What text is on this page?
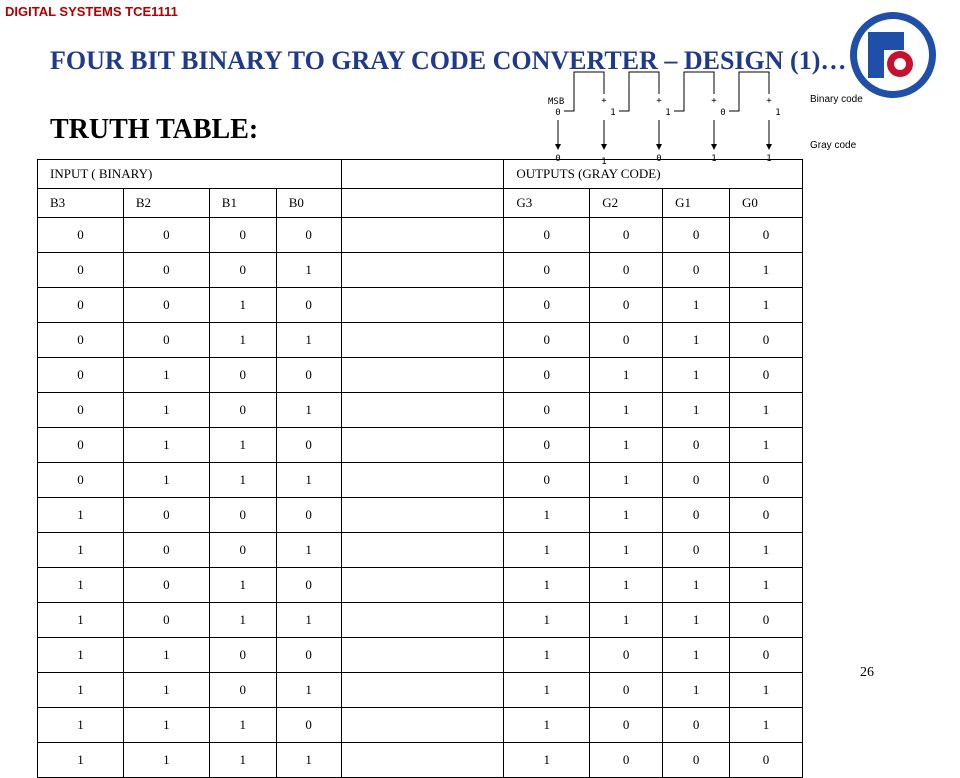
DIGITAL SYSTEMS TCE1111
FOUR BIT BINARY TO GRAY CODE CONVERTER – DESIGN (1)…
TRUTH TABLE:
MSB
0	1	1	0	1
+	+	+	+
0	1	0	1	1
Binary code
Gray code
INPUT ( BINARY)					OUTPUTS (GRAY CODE)			
B3	B2	B1	B0		G3	G2	G1	G0
0	0	0	0		0	0	0	0
0	0	0	1		0	0	0	1
0	0	1	0		0	0	1	1
0	0	1	1		0	0	1	0
0	1	0	0		0	1	1	0
0	1	0	1		0	1	1	1
0	1	1	0		0	1	0	1
0	1	1	1		0	1	0	0
1	0	0	0		1	1	0	0
1	0	0	1		1	1	0	1
1	0	1	0		1	1	1	1
1	0	1	1		1	1	1	0
1	1	0	0		1	0	1	0
1	1	0	1		1	0	1	1
1	1	1	0		1	0	0	1
1	1	1	1		1	0	0	0
26
